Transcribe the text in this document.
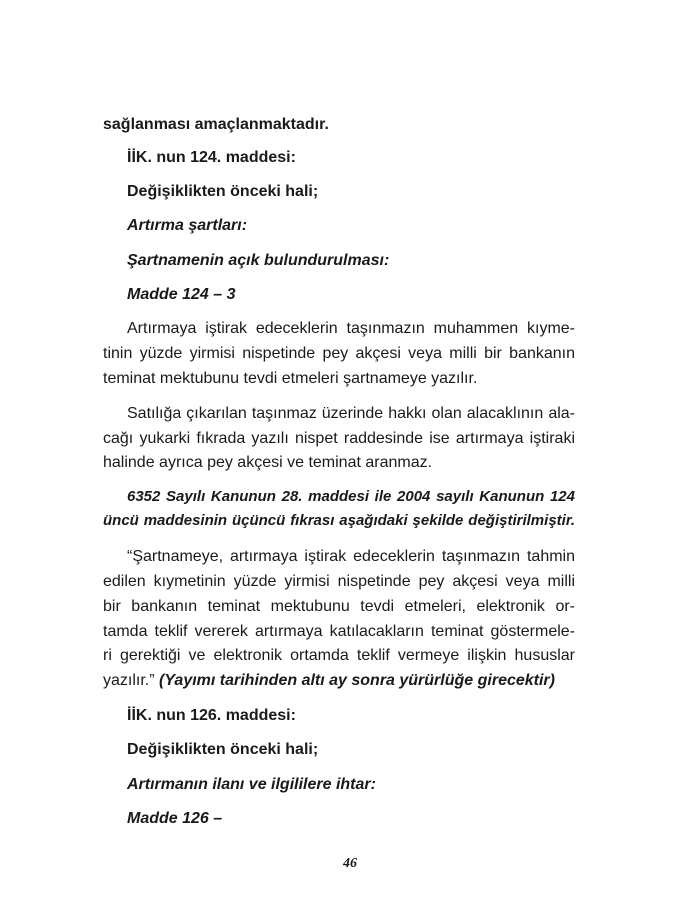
sağlanması amaçlanmaktadır.
İİK. nun 124. maddesi:
Değişiklikten önceki hali;
Artırma şartları:
Şartnamenin açık bulundurulması:
Madde 124 – 3
Artırmaya iştirak edeceklerin taşınmazın muhammen kıyme-
tinin yüzde yirmisi nispetinde pey akçesi veya milli bir bankanın
teminat mektubunu tevdi etmeleri şartnameye yazılır.
Satılığa çıkarılan taşınmaz üzerinde hakkı olan alacaklının ala-
cağı yukarki fıkrada yazılı nispet raddesinde ise artırmaya iştiraki
halinde ayrıca pey akçesi ve teminat aranmaz.
6352 Sayılı Kanunun 28. maddesi ile 2004 sayılı Kanunun 124
üncü maddesinin üçüncü fıkrası aşağıdaki şekilde değiştirilmiştir.
“Şartnameye, artırmaya iştirak edeceklerin taşınmazın tahmin
edilen kıymetinin yüzde yirmisi nispetinde pey akçesi veya milli
bir bankanın teminat mektubunu tevdi etmeleri, elektronik or-
tamda teklif vererek artırmaya katılacakların teminat göstermele-
ri gerektiği ve elektronik ortamda teklif vermeye ilişkin hususlar
yazılır.” (Yayımı tarihinden altı ay sonra yürürlüğe girecektir)
İİK. nun 126. maddesi:
Değişiklikten önceki hali;
Artırmanın ilanı ve ilgililere ihtar:
Madde 126 –
46
